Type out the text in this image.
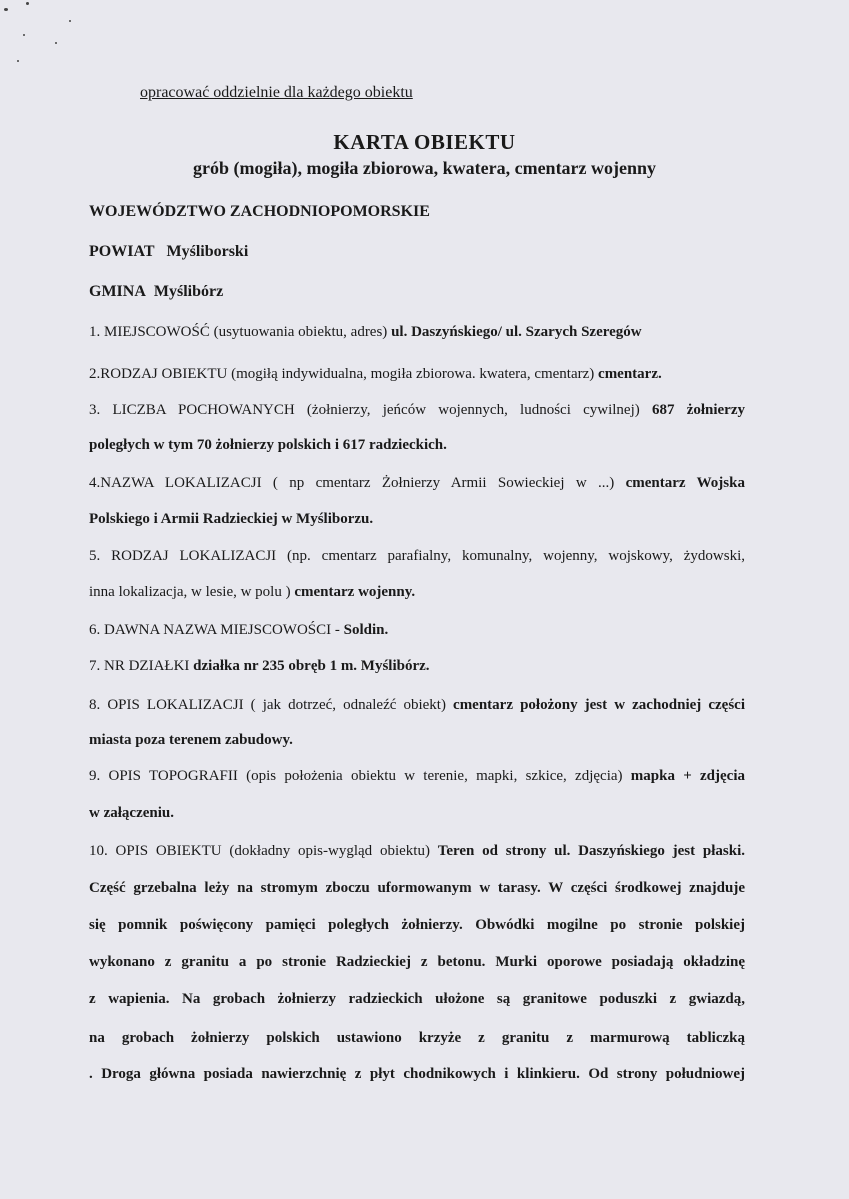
opracować oddzielnie dla każdego obiektu
KARTA OBIEKTU
grób (mogiła), mogiła zbiorowa, kwatera, cmentarz wojenny
WOJEWÓDZTWO ZACHODNIOPOMORSKIE
POWIAT Myśliborski
GMINA Myślibórz
1. MIEJSCOWOŚĆ (usytuowania obiektu, adres) ul. Daszyńskiego/ ul. Szarych Szeregów
2.RODZAJ OBIEKTU (mogiłą indywidualna, mogiła zbiorowa. kwatera, cmentarz) cmentarz.
3. LICZBA POCHOWANYCH (żołnierzy, jeńców wojennych, ludności cywilnej) 687 żołnierzy
poległych w tym 70 żołnierzy polskich i 617 radzieckich.
4.NAZWA LOKALIZACJI ( np cmentarz Żołnierzy Armii Sowieckiej w ...) cmentarz Wojska
Polskiego i Armii Radzieckiej w Myśliborzu.
5. RODZAJ LOKALIZACJI (np. cmentarz parafialny, komunalny, wojenny, wojskowy, żydowski,
inna lokalizacja, w lesie, w polu ) cmentarz wojenny.
6. DAWNA NAZWA MIEJSCOWOŚCI - Soldin.
7. NR DZIAŁKI działka nr 235 obręb 1 m. Myślibórz.
8. OPIS LOKALIZACJI ( jak dotrzeć, odnaleźć obiekt) cmentarz położony jest w zachodniej części
miasta poza terenem zabudowy.
9. OPIS TOPOGRAFII (opis położenia obiektu w terenie, mapki, szkice, zdjęcia) mapka + zdjęcia
w załączeniu.
10. OPIS OBIEKTU (dokładny opis-wygląd obiektu) Teren od strony ul. Daszyńskiego jest płaski.
Część grzebalna leży na stromym zboczu uformowanym w tarasy. W części środkowej znajduje
się pomnik poświęcony pamięci poległych żołnierzy. Obwódki mogilne po stronie polskiej
wykonano z granitu a po stronie Radzieckiej z betonu. Murki oporowe posiadają okładzinę
z wapienia. Na grobach żołnierzy radzieckich ułożone są granitowe poduszki z gwiazdą,
na grobach żołnierzy polskich ustawiono krzyże z granitu z marmurową tabliczką
. Droga główna posiada nawierzchnię z płyt chodnikowych i klinkieru. Od strony południowej
